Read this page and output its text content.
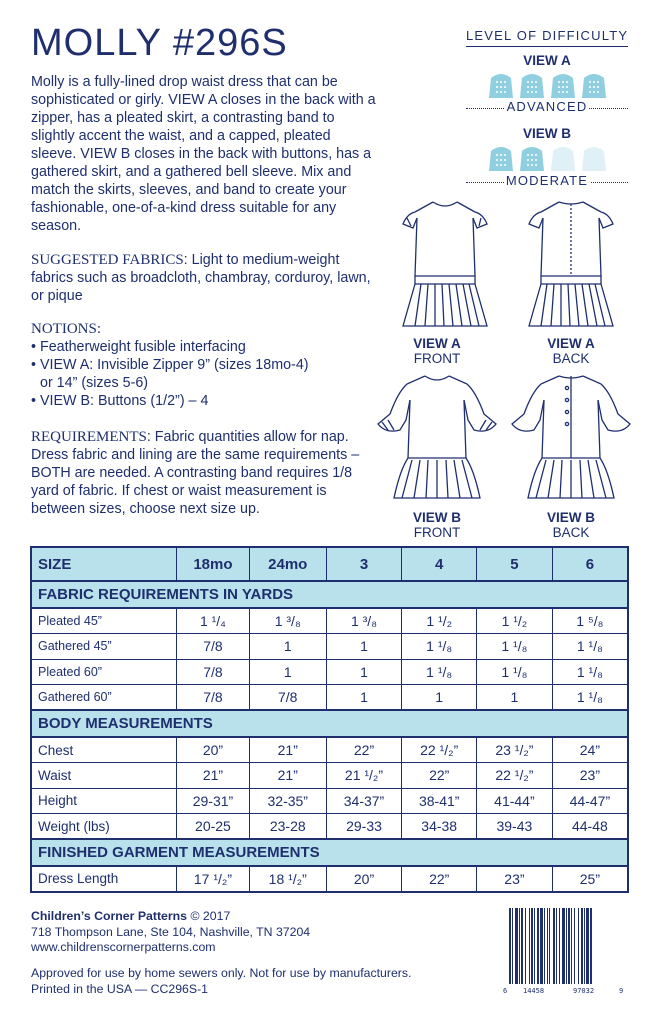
MOLLY #296S
Molly is a fully-lined drop waist dress that can be sophisticated or girly. VIEW A closes in the back with a zipper, has a pleated skirt, a contrasting band to slightly accent the waist, and a capped, pleated sleeve. VIEW B closes in the back with buttons, has a gathered skirt, and a gathered bell sleeve. Mix and match the skirts, sleeves, and band to create your fashionable, one-of-a-kind dress suitable for any season.
SUGGESTED FABRICS: Light to medium-weight fabrics such as broadcloth, chambray, corduroy, lawn, or pique
NOTIONS:
• Featherweight fusible interfacing
• VIEW A: Invisible Zipper 9” (sizes 18mo-4)
or 14” (sizes 5-6)
• VIEW B: Buttons (1/2”) – 4
REQUIREMENTS: Fabric quantities allow for nap. Dress fabric and lining are the same requirements – BOTH are needed. A contrasting band requires 1/8 yard of fabric. If chest or waist measurement is between sizes, choose next size up.
LEVEL OF DIFFICULTY
VIEW A
ADVANCED
VIEW B
MODERATE
VIEW A
FRONT
VIEW A
BACK
VIEW B
FRONT
VIEW B
BACK
SIZE	18mo	24mo	3	4	5	6
FABRIC REQUIREMENTS IN YARDS						
Pleated 45”	1 ¹/₄	1 ³/₈	1 ³/₈	1 ¹/₂	1 ¹/₂	1 ⁵/₈
Gathered 45”	7/8	1	1	1 ¹/₈	1 ¹/₈	1 ¹/₈
Pleated 60”	7/8	1	1	1 ¹/₈	1 ¹/₈	1 ¹/₈
Gathered 60”	7/8	7/8	1	1	1	1 ¹/₈
BODY MEASUREMENTS						
Chest	20”	21”	22”	22 ¹/₂”	23 ¹/₂”	24”
Waist	21”	21”	21 ¹/₂”	22”	22 ¹/₂”	23”
Height	29-31”	32-35”	34-37”	38-41”	41-44”	44-47”
Weight (lbs)	20-25	23-28	29-33	34-38	39-43	44-48
FINISHED GARMENT MEASUREMENTS						
Dress Length	17 ¹/₂”	18 ¹/₂”	20”	22”	23”	25”
Children’s Corner Patterns © 2017
718 Thompson Lane, Ste 104, Nashville, TN 37204
www.childrenscornerpatterns.com
Approved for use by home sewers only. Not for use by manufacturers.
Printed in the USA — CC296S-1	6 14458	97032	9
